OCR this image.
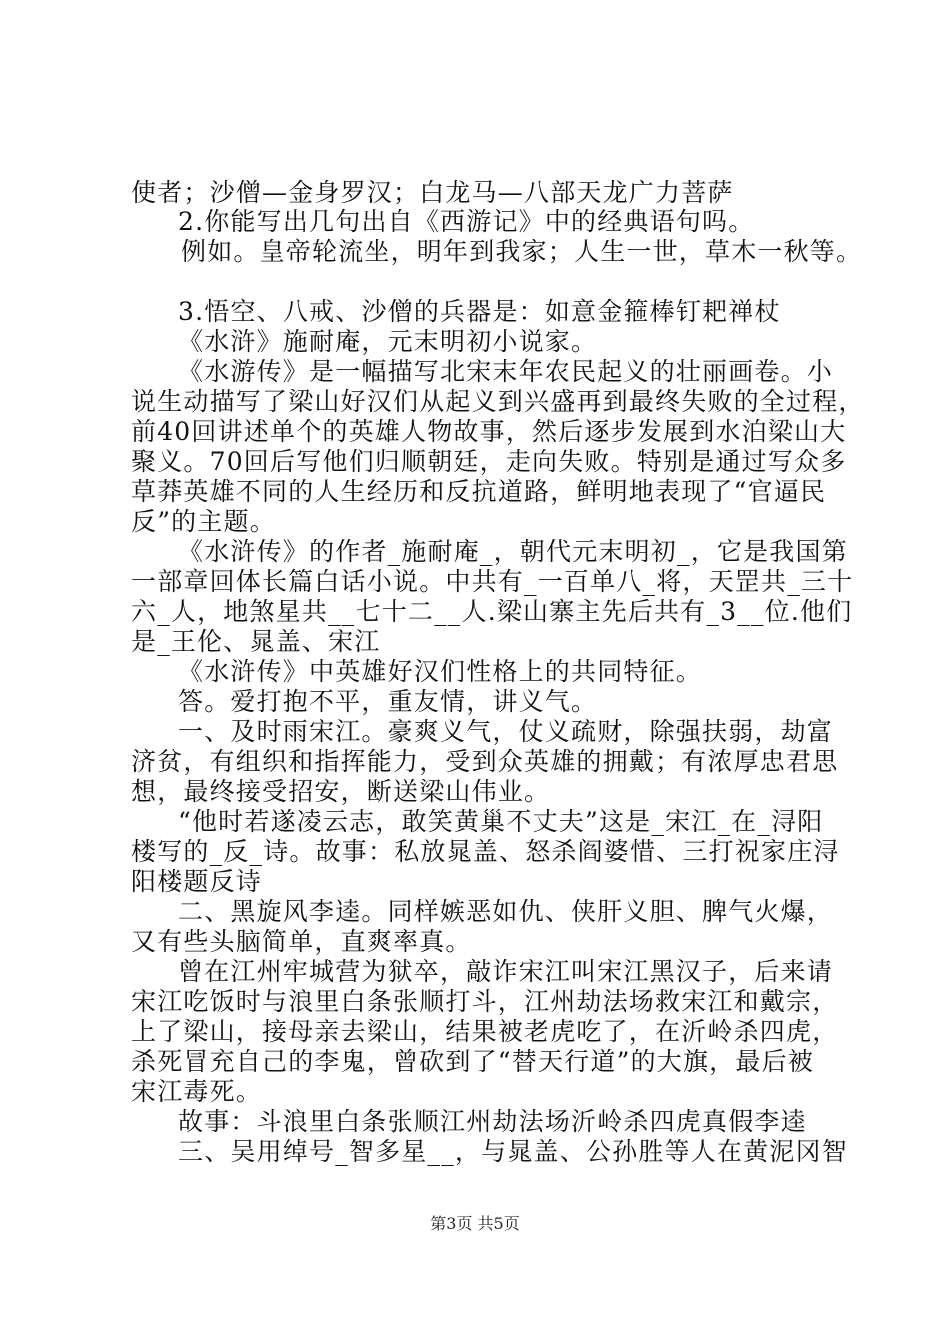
使者；沙僧—金身罗汉；白龙马—八部天龙广力菩萨
2.你能写出几句出自《西游记》中的经典语句吗。
例如。皇帝轮流坐，明年到我家；人生一世，草木一秋等。
3.悟空、八戒、沙僧的兵器是：如意金箍棒钉耙禅杖
《水浒》施耐庵，元末明初小说家。
《水游传》是一幅描写北宋末年农民起义的壮丽画卷。小
说生动描写了梁山好汉们从起义到兴盛再到最终失败的全过程，
前40回讲述单个的英雄人物故事，然后逐步发展到水泊梁山大
聚义。70回后写他们归顺朝廷，走向失败。特别是通过写众多
草莽英雄不同的人生经历和反抗道路，鲜明地表现了“官逼民
反”的主题。
《水浒传》的作者_施耐庵_，朝代元末明初_，它是我国第
一部章回体长篇白话小说。中共有_一百单八_将，天罡共_三十
六_人，地煞星共__七十二__人.梁山寨主先后共有_3__位.他们
是_王伦、晁盖、宋江
《水浒传》中英雄好汉们性格上的共同特征。
答。爱打抱不平，重友情，讲义气。
一、及时雨宋江。豪爽义气，仗义疏财，除强扶弱，劫富
济贫，有组织和指挥能力，受到众英雄的拥戴；有浓厚忠君思
想，最终接受招安，断送梁山伟业。
“他时若遂凌云志，敢笑黄巢不丈夫”这是_宋江_在_浔阳
楼写的_反_诗。故事：私放晁盖、怒杀阎婆惜、三打祝家庄浔
阳楼题反诗
二、黑旋风李逵。同样嫉恶如仇、侠肝义胆、脾气火爆，
又有些头脑简单，直爽率真。
曾在江州牢城营为狱卒，敲诈宋江叫宋江黑汉子，后来请
宋江吃饭时与浪里白条张顺打斗，江州劫法场救宋江和戴宗，
上了梁山，接母亲去梁山，结果被老虎吃了，在沂岭杀四虎，
杀死冒充自己的李鬼，曾砍到了“替天行道”的大旗，最后被
宋江毒死。
故事：斗浪里白条张顺江州劫法场沂岭杀四虎真假李逵
三、吴用绰号_智多星__，与晁盖、公孙胜等人在黄泥冈智
第3页 共5页
